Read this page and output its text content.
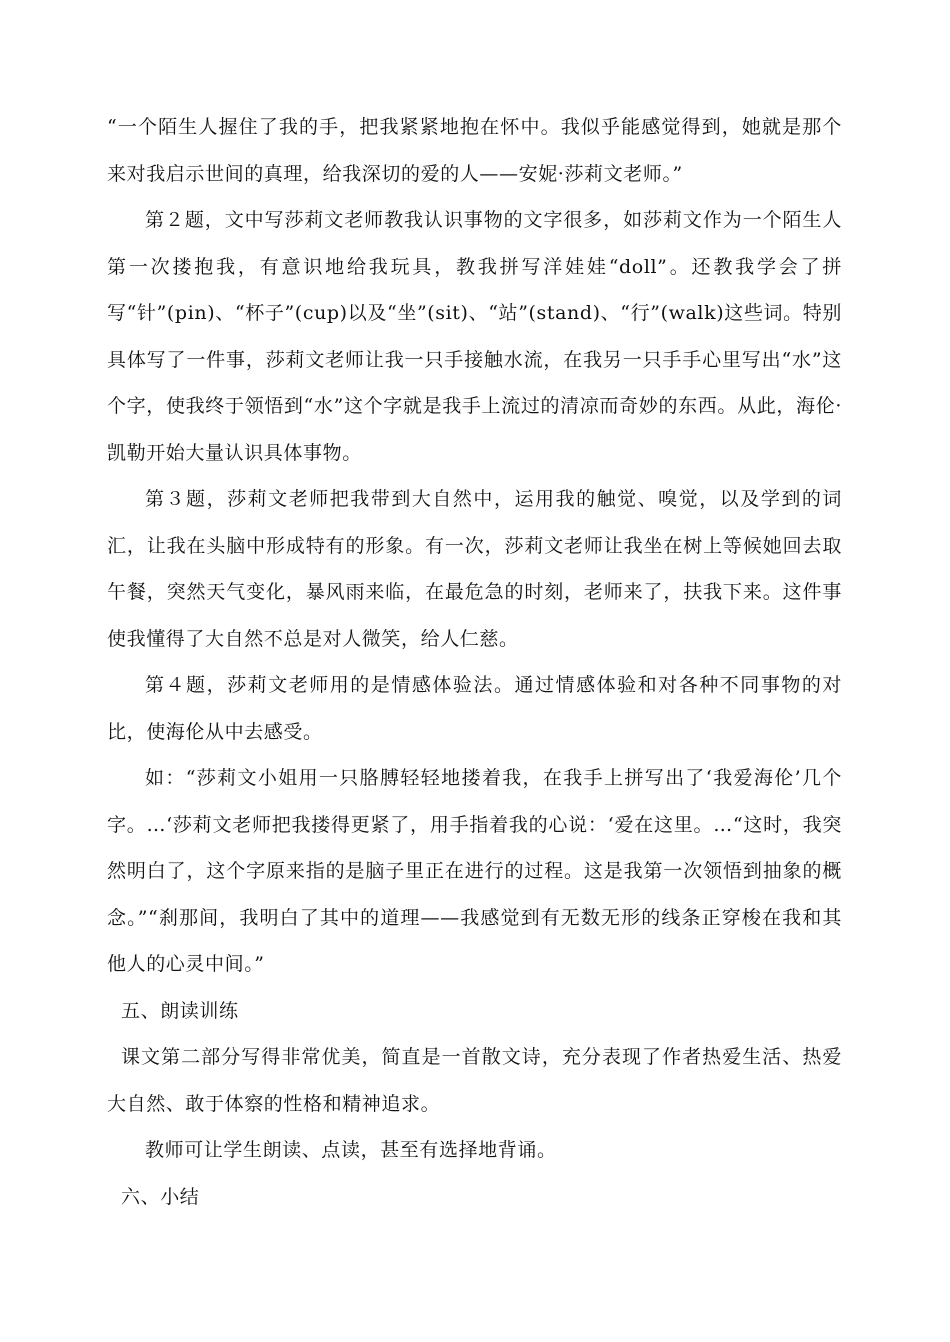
“一个陌生人握住了我的手，把我紧紧地抱在怀中。我似乎能感觉得到，她就是那个来对我启示世间的真理，给我深切的爱的人——安妮·莎莉文老师。”

第２题，文中写莎莉文老师教我认识事物的文字很多，如莎莉文作为一个陌生人第一次搂抱我，有意识地给我玩具，教我拼写洋娃娃“doll”。还教我学会了拼写“针”(pin)、“杯子”(cup)以及“坐”(sit)、“站”(stand)、“行”(walk)这些词。特别具体写了一件事，莎莉文老师让我一只手接触水流，在我另一只手手心里写出“水”这个字，使我终于领悟到“水”这个字就是我手上流过的清凉而奇妙的东西。从此，海伦·凯勒开始大量认识具体事物。

第３题，莎莉文老师把我带到大自然中，运用我的触觉、嗅觉，以及学到的词汇，让我在头脑中形成特有的形象。有一次，莎莉文老师让我坐在树上等候她回去取午餐，突然天气变化，暴风雨来临，在最危急的时刻，老师来了，扶我下来。这件事使我懂得了大自然不总是对人微笑，给人仁慈。

第４题，莎莉文老师用的是情感体验法。通过情感体验和对各种不同事物的对比，使海伦从中去感受。

如：“莎莉文小姐用一只胳膊轻轻地搂着我，在我手上拼写出了‘我爱海伦’几个字。…‘莎莉文老师把我搂得更紧了，用手指着我的心说：‘爱在这里。…“这时，我突然明白了，这个字原来指的是脑子里正在进行的过程。这是我第一次领悟到抽象的概念。”“刹那间，我明白了其中的道理——我感觉到有无数无形的线条正穿梭在我和其他人的心灵中间。”

五、朗读训练

课文第二部分写得非常优美，简直是一首散文诗，充分表现了作者热爱生活、热爱大自然、敢于体察的性格和精神追求。

教师可让学生朗读、点读，甚至有选择地背诵。

六、小结
